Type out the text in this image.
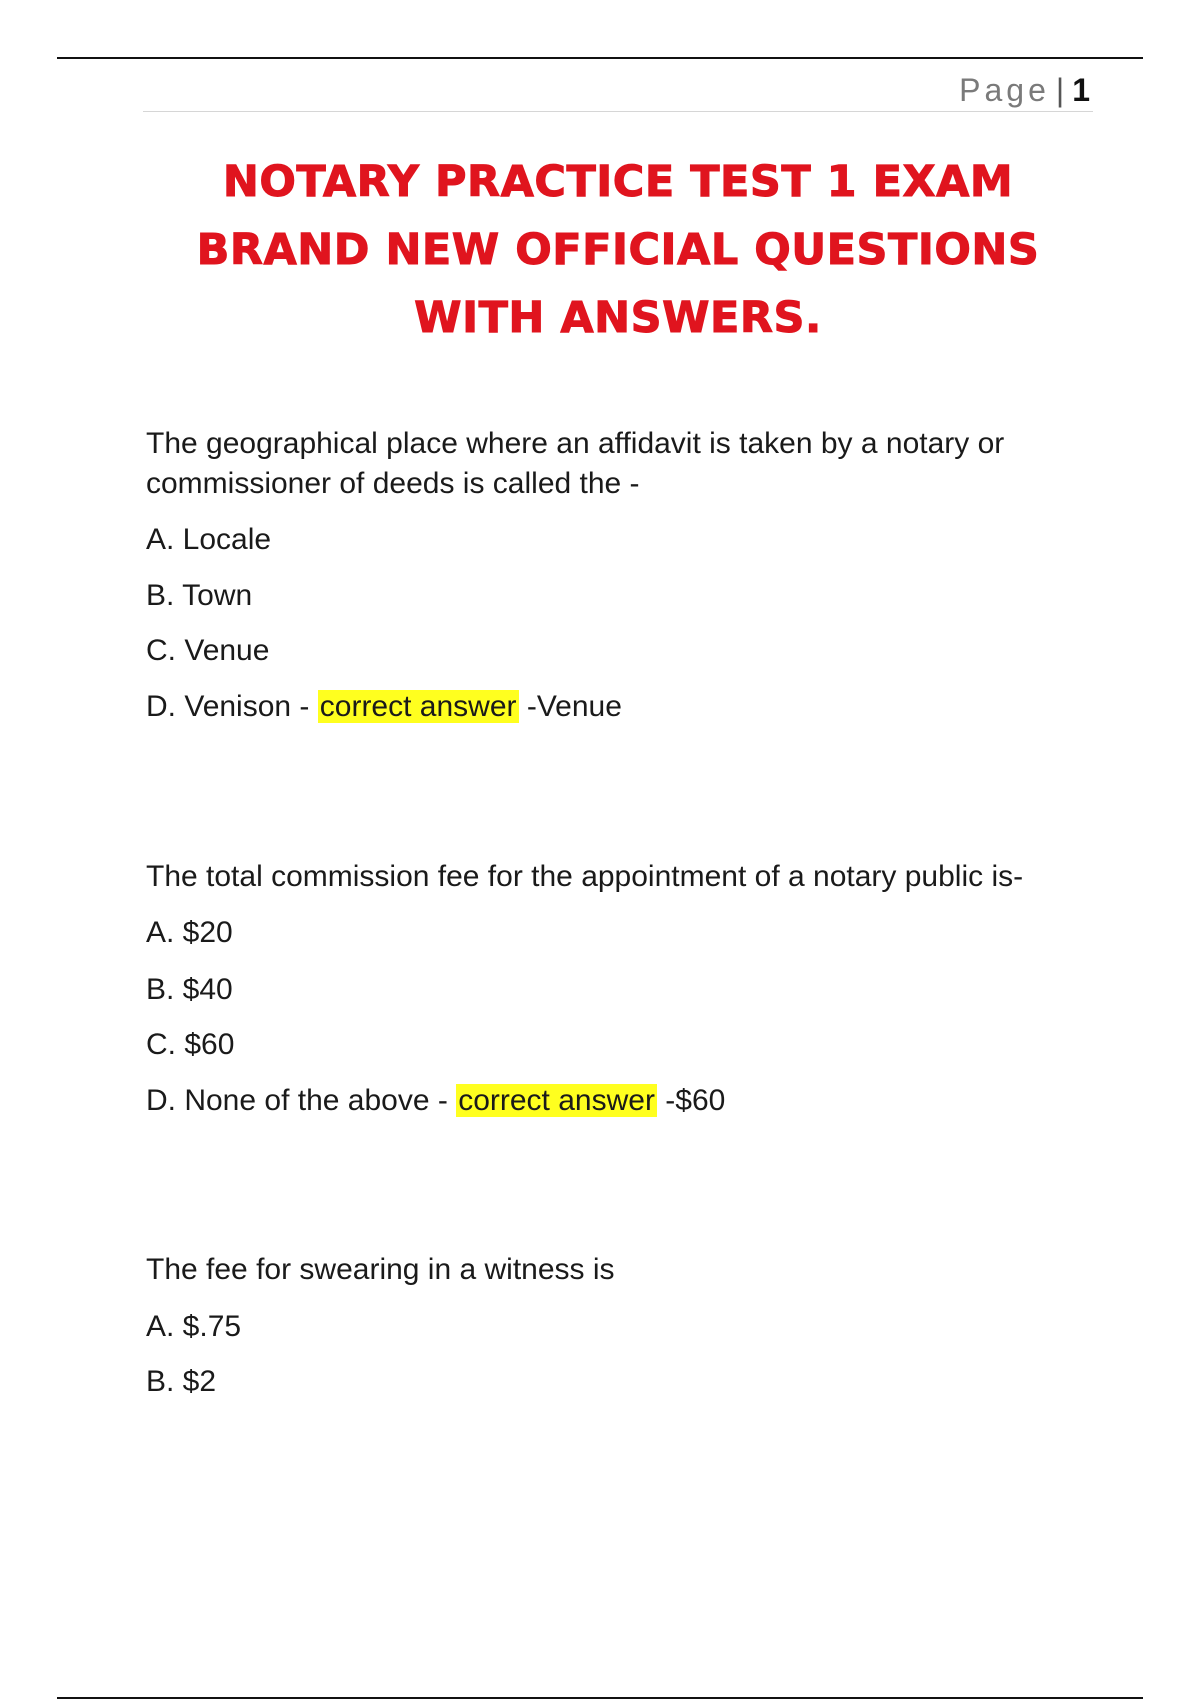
Page | 1
NOTARY PRACTICE TEST 1 EXAM
BRAND NEW OFFICIAL QUESTIONS
WITH ANSWERS.
The geographical place where an affidavit is taken by a notary or commissioner of deeds is called the -
A. Locale
B. Town
C. Venue
D. Venison - correct answer -Venue
The total commission fee for the appointment of a notary public is-
A. $20
B. $40
C. $60
D. None of the above - correct answer -$60
The fee for swearing in a witness is
A. $.75
B. $2
